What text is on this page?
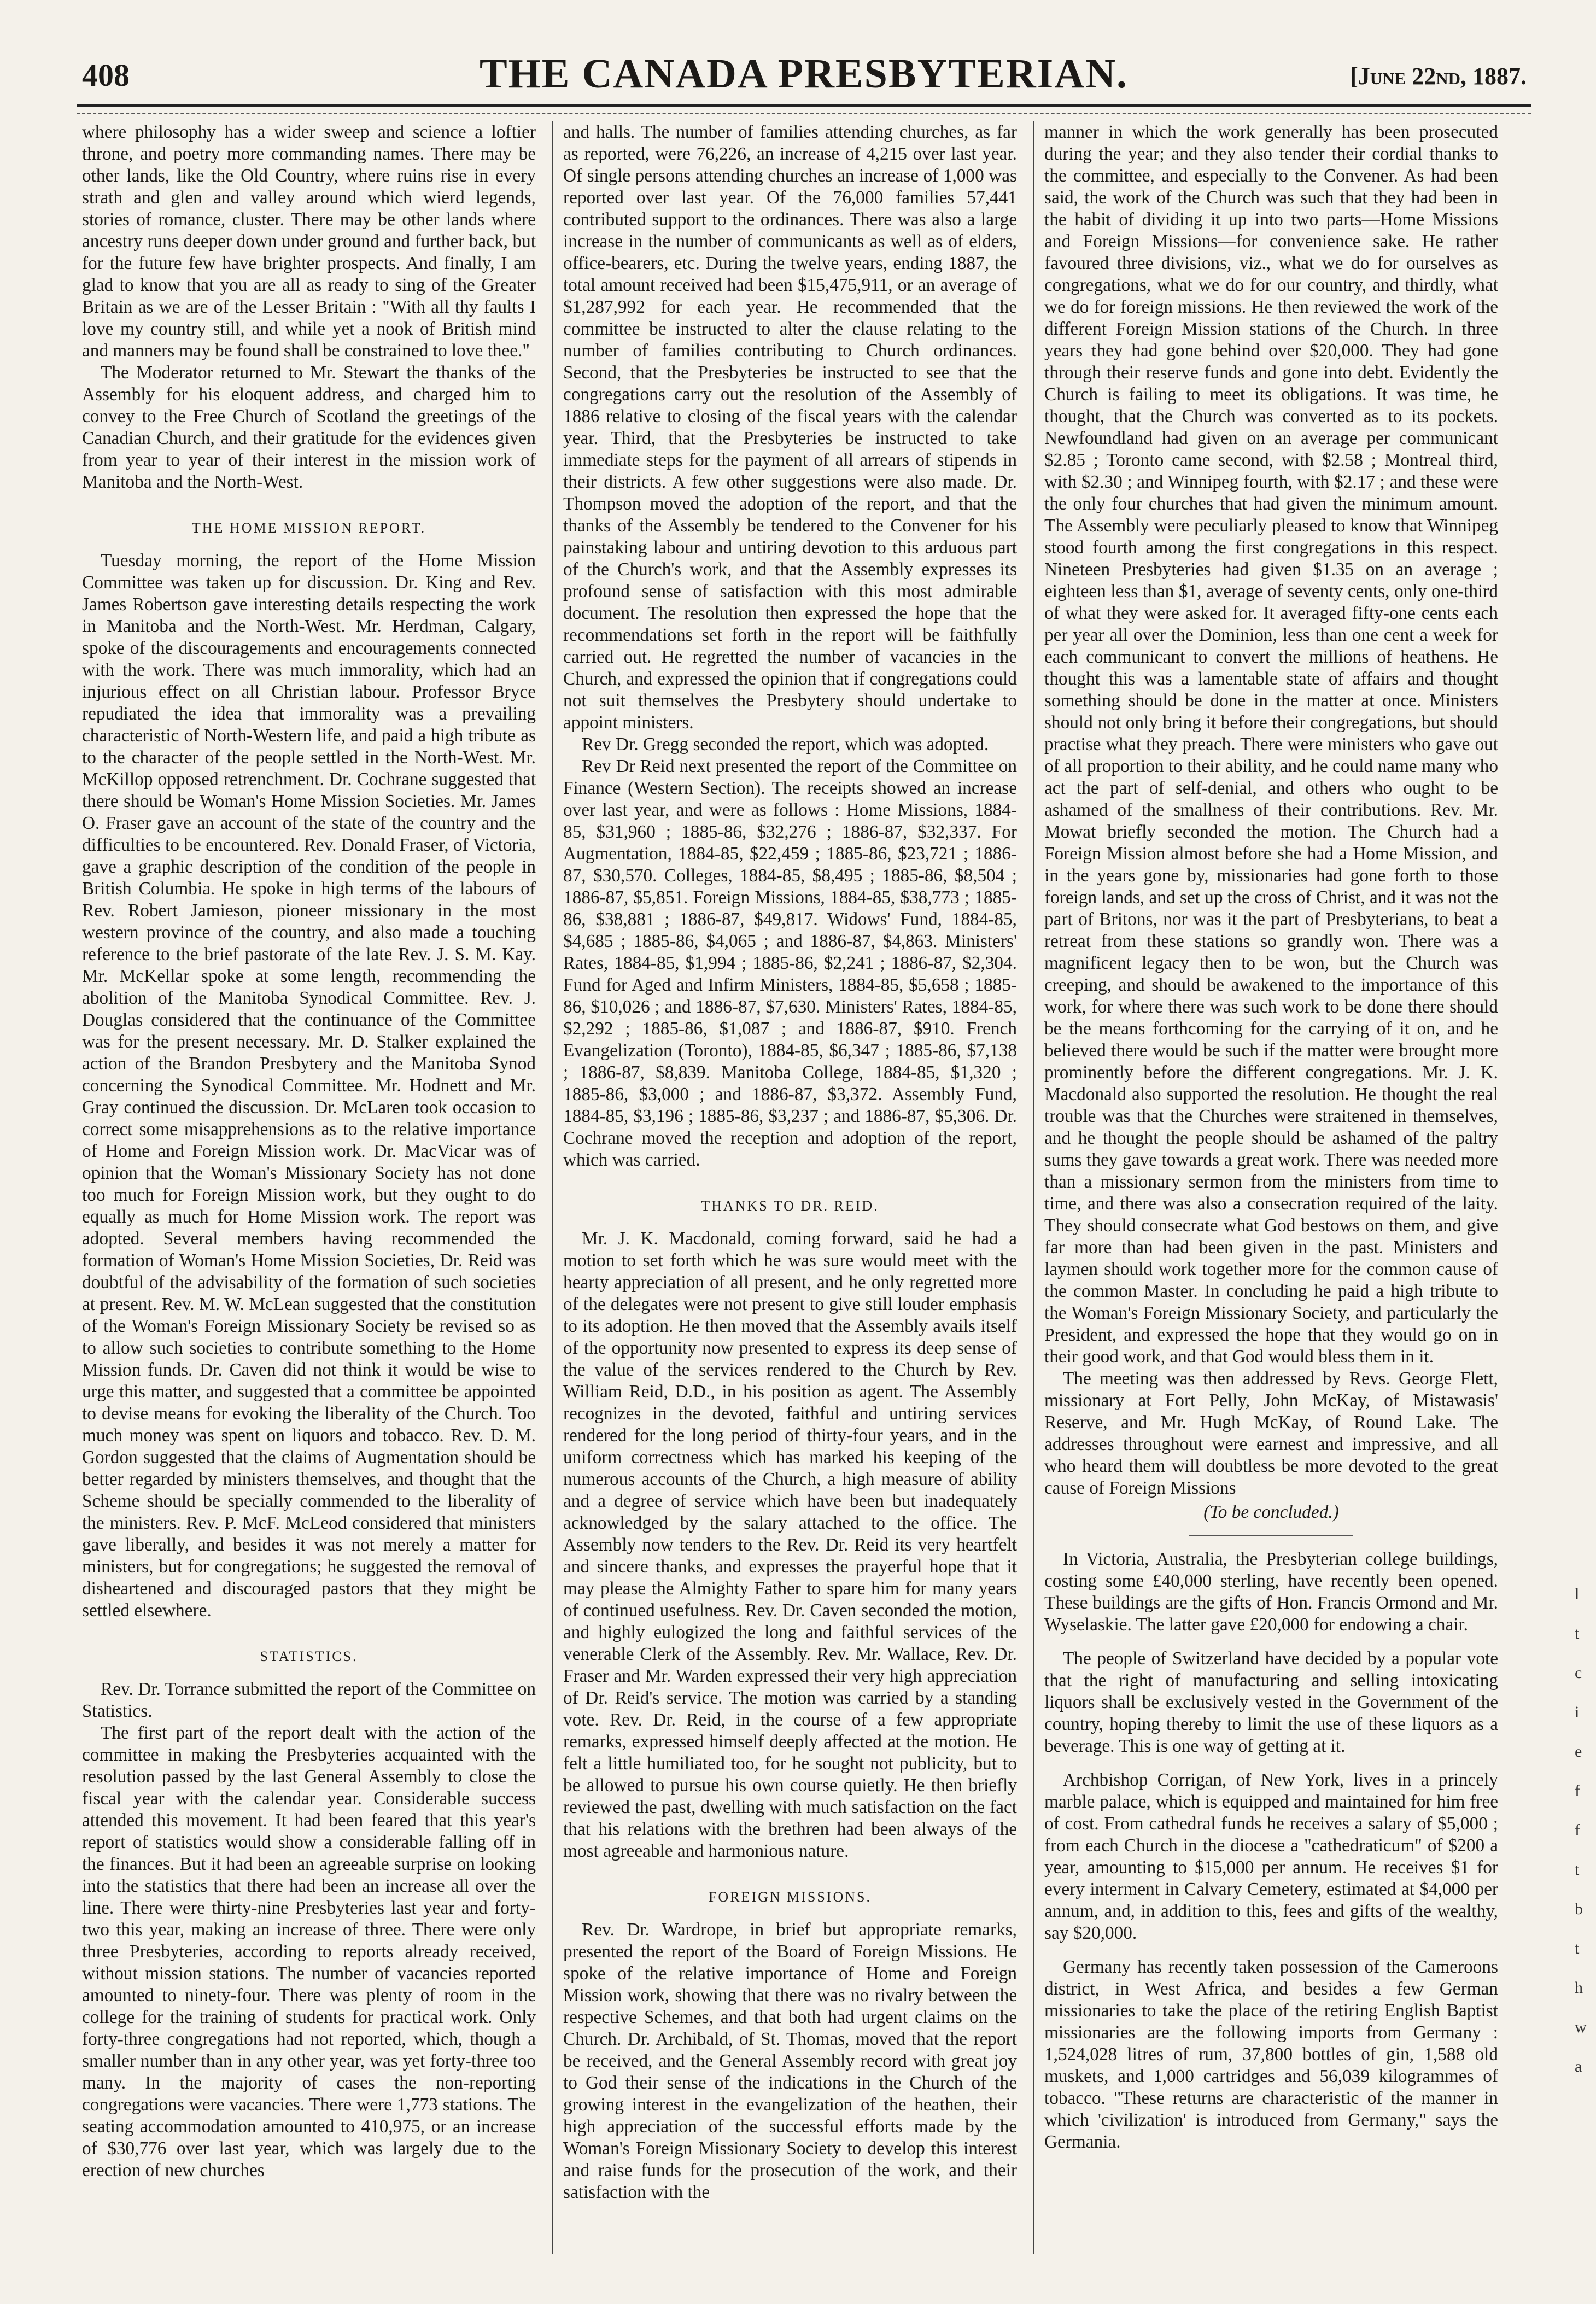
408	THE CANADA PRESBYTERIAN.	[June 22nd, 1887.

where philosophy has a wider sweep and science a loftier throne, and poetry more commanding names. There may be other lands, like the Old Country, where ruins rise in every strath and glen and valley around which wierd legends, stories of romance, cluster. There may be other lands where ancestry runs deeper down under ground and further back, but for the future few have brighter prospects. And finally, I am glad to know that you are all as ready to sing of the Greater Britain as we are of the Lesser Britain : "With all thy faults I love my country still, and while yet a nook of British mind and manners may be found shall be constrained to love thee."

The Moderator returned to Mr. Stewart the thanks of the Assembly for his eloquent address, and charged him to convey to the Free Church of Scotland the greetings of the Canadian Church, and their gratitude for the evidences given from year to year of their interest in the mission work of Manitoba and the North-West.

THE HOME MISSION REPORT.

Tuesday morning, the report of the Home Mission Committee was taken up for discussion. Dr. King and Rev. James Robertson gave interesting details respecting the work in Manitoba and the North-West. Mr. Herdman, Calgary, spoke of the discouragements and encouragements connected with the work. There was much immorality, which had an injurious effect on all Christian labour. Professor Bryce repudiated the idea that immorality was a prevailing characteristic of North-Western life, and paid a high tribute as to the character of the people settled in the North-West. Mr. McKillop opposed retrenchment. Dr. Cochrane suggested that there should be Woman's Home Mission Societies. Mr. James O. Fraser gave an account of the state of the country and the difficulties to be encountered. Rev. Donald Fraser, of Victoria, gave a graphic description of the condition of the people in British Columbia. He spoke in high terms of the labours of Rev. Robert Jamieson, pioneer missionary in the most western province of the country, and also made a touching reference to the brief pastorate of the late Rev. J. S. M. Kay. Mr. McKellar spoke at some length, recommending the abolition of the Manitoba Synodical Committee. Rev. J. Douglas considered that the continuance of the Committee was for the present necessary. Mr. D. Stalker explained the action of the Brandon Presbytery and the Manitoba Synod concerning the Synodical Committee. Mr. Hodnett and Mr. Gray continued the discussion. Dr. McLaren took occasion to correct some misapprehensions as to the relative importance of Home and Foreign Mission work. Dr. MacVicar was of opinion that the Woman's Missionary Society has not done too much for Foreign Mission work, but they ought to do equally as much for Home Mission work. The report was adopted. Several members having recommended the formation of Woman's Home Mission Societies, Dr. Reid was doubtful of the advisability of the formation of such societies at present. Rev. M. W. McLean suggested that the constitution of the Woman's Foreign Missionary Society be revised so as to allow such societies to contribute something to the Home Mission funds. Dr. Caven did not think it would be wise to urge this matter, and suggested that a committee be appointed to devise means for evoking the liberality of the Church. Too much money was spent on liquors and tobacco. Rev. D. M. Gordon suggested that the claims of Augmentation should be better regarded by ministers themselves, and thought that the Scheme should be specially commended to the liberality of the ministers. Rev. P. McF. McLeod considered that ministers gave liberally, and besides it was not merely a matter for ministers, but for congregations; he suggested the removal of disheartened and discouraged pastors that they might be settled elsewhere.

STATISTICS.

Rev. Dr. Torrance submitted the report of the Committee on Statistics.

The first part of the report dealt with the action of the committee in making the Presbyteries acquainted with the resolution passed by the last General Assembly to close the fiscal year with the calendar year. Considerable success attended this movement. It had been feared that this year's report of statistics would show a considerable falling off in the finances. But it had been an agreeable surprise on looking into the statistics that there had been an increase all over the line. There were thirty-nine Presbyteries last year and forty-two this year, making an increase of three. There were only three Presbyteries, according to reports already received, without mission stations. The number of vacancies reported amounted to ninety-four. There was plenty of room in the college for the training of students for practical work. Only forty-three congregations had not reported, which, though a smaller number than in any other year, was yet forty-three too many. In the majority of cases the non-reporting congregations were vacancies. There were 1,773 stations. The seating accommodation amounted to 410,975, or an increase of $30,776 over last year, which was largely due to the erection of new churches

and halls. The number of families attending churches, as far as reported, were 76,226, an increase of 4,215 over last year. Of single persons attending churches an increase of 1,000 was reported over last year. Of the 76,000 families 57,441 contributed support to the ordinances. There was also a large increase in the number of communicants as well as of elders, office-bearers, etc. During the twelve years, ending 1887, the total amount received had been $15,475,911, or an average of $1,287,992 for each year. He recommended that the committee be instructed to alter the clause relating to the number of families contributing to Church ordinances. Second, that the Presbyteries be instructed to see that the congregations carry out the resolution of the Assembly of 1886 relative to closing of the fiscal years with the calendar year. Third, that the Presbyteries be instructed to take immediate steps for the payment of all arrears of stipends in their districts. A few other suggestions were also made. Dr. Thompson moved the adoption of the report, and that the thanks of the Assembly be tendered to the Convener for his painstaking labour and untiring devotion to this arduous part of the Church's work, and that the Assembly expresses its profound sense of satisfaction with this most admirable document. The resolution then expressed the hope that the recommendations set forth in the report will be faithfully carried out. He regretted the number of vacancies in the Church, and expressed the opinion that if congregations could not suit themselves the Presbytery should undertake to appoint ministers.

Rev Dr. Gregg seconded the report, which was adopted.

Rev Dr Reid next presented the report of the Committee on Finance (Western Section). The receipts showed an increase over last year, and were as follows : Home Missions, 1884-85, $31,960 ; 1885-86, $32,276 ; 1886-87, $32,337. For Augmentation, 1884-85, $22,459 ; 1885-86, $23,721 ; 1886-87, $30,570. Colleges, 1884-85, $8,495 ; 1885-86, $8,504 ; 1886-87, $5,851. Foreign Missions, 1884-85, $38,773 ; 1885-86, $38,881 ; 1886-87, $49,817. Widows' Fund, 1884-85, $4,685 ; 1885-86, $4,065 ; and 1886-87, $4,863. Ministers' Rates, 1884-85, $1,994 ; 1885-86, $2,241 ; 1886-87, $2,304. Fund for Aged and Infirm Ministers, 1884-85, $5,658 ; 1885-86, $10,026 ; and 1886-87, $7,630. Ministers' Rates, 1884-85, $2,292 ; 1885-86, $1,087 ; and 1886-87, $910. French Evangelization (Toronto), 1884-85, $6,347 ; 1885-86, $7,138 ; 1886-87, $8,839. Manitoba College, 1884-85, $1,320 ; 1885-86, $3,000 ; and 1886-87, $3,372. Assembly Fund, 1884-85, $3,196 ; 1885-86, $3,237 ; and 1886-87, $5,306. Dr. Cochrane moved the reception and adoption of the report, which was carried.

THANKS TO DR. REID.

Mr. J. K. Macdonald, coming forward, said he had a motion to set forth which he was sure would meet with the hearty appreciation of all present, and he only regretted more of the delegates were not present to give still louder emphasis to its adoption. He then moved that the Assembly avails itself of the opportunity now presented to express its deep sense of the value of the services rendered to the Church by Rev. William Reid, D.D., in his position as agent. The Assembly recognizes in the devoted, faithful and untiring services rendered for the long period of thirty-four years, and in the uniform correctness which has marked his keeping of the numerous accounts of the Church, a high measure of ability and a degree of service which have been but inadequately acknowledged by the salary attached to the office. The Assembly now tenders to the Rev. Dr. Reid its very heartfelt and sincere thanks, and expresses the prayerful hope that it may please the Almighty Father to spare him for many years of continued usefulness. Rev. Dr. Caven seconded the motion, and highly eulogized the long and faithful services of the venerable Clerk of the Assembly. Rev. Mr. Wallace, Rev. Dr. Fraser and Mr. Warden expressed their very high appreciation of Dr. Reid's service. The motion was carried by a standing vote. Rev. Dr. Reid, in the course of a few appropriate remarks, expressed himself deeply affected at the motion. He felt a little humiliated too, for he sought not publicity, but to be allowed to pursue his own course quietly. He then briefly reviewed the past, dwelling with much satisfaction on the fact that his relations with the brethren had been always of the most agreeable and harmonious nature.

FOREIGN MISSIONS.

Rev. Dr. Wardrope, in brief but appropriate remarks, presented the report of the Board of Foreign Missions. He spoke of the relative importance of Home and Foreign Mission work, showing that there was no rivalry between the respective Schemes, and that both had urgent claims on the Church. Dr. Archibald, of St. Thomas, moved that the report be received, and the General Assembly record with great joy to God their sense of the indications in the Church of the growing interest in the evangelization of the heathen, their high appreciation of the successful efforts made by the Woman's Foreign Missionary Society to develop this interest and raise funds for the prosecution of the work, and their satisfaction with the

manner in which the work generally has been prosecuted during the year; and they also tender their cordial thanks to the committee, and especially to the Convener. As had been said, the work of the Church was such that they had been in the habit of dividing it up into two parts—Home Missions and Foreign Missions—for convenience sake. He rather favoured three divisions, viz., what we do for ourselves as congregations, what we do for our country, and thirdly, what we do for foreign missions. He then reviewed the work of the different Foreign Mission stations of the Church. In three years they had gone behind over $20,000. They had gone through their reserve funds and gone into debt. Evidently the Church is failing to meet its obligations. It was time, he thought, that the Church was converted as to its pockets. Newfoundland had given on an average per communicant $2.85 ; Toronto came second, with $2.58 ; Montreal third, with $2.30 ; and Winnipeg fourth, with $2.17 ; and these were the only four churches that had given the minimum amount. The Assembly were peculiarly pleased to know that Winnipeg stood fourth among the first congregations in this respect. Nineteen Presbyteries had given $1.35 on an average ; eighteen less than $1, average of seventy cents, only one-third of what they were asked for. It averaged fifty-one cents each per year all over the Dominion, less than one cent a week for each communicant to convert the millions of heathens. He thought this was a lamentable state of affairs and thought something should be done in the matter at once. Ministers should not only bring it before their congregations, but should practise what they preach. There were ministers who gave out of all proportion to their ability, and he could name many who act the part of self-denial, and others who ought to be ashamed of the smallness of their contributions. Rev. Mr. Mowat briefly seconded the motion. The Church had a Foreign Mission almost before she had a Home Mission, and in the years gone by, missionaries had gone forth to those foreign lands, and set up the cross of Christ, and it was not the part of Britons, nor was it the part of Presbyterians, to beat a retreat from these stations so grandly won. There was a magnificent legacy then to be won, but the Church was creeping, and should be awakened to the importance of this work, for where there was such work to be done there should be the means forthcoming for the carrying of it on, and he believed there would be such if the matter were brought more prominently before the different congregations. Mr. J. K. Macdonald also supported the resolution. He thought the real trouble was that the Churches were straitened in themselves, and he thought the people should be ashamed of the paltry sums they gave towards a great work. There was needed more than a missionary sermon from the ministers from time to time, and there was also a consecration required of the laity. They should consecrate what God bestows on them, and give far more than had been given in the past. Ministers and laymen should work together more for the common cause of the common Master. In concluding he paid a high tribute to the Woman's Foreign Missionary Society, and particularly the President, and expressed the hope that they would go on in their good work, and that God would bless them in it.

The meeting was then addressed by Revs. George Flett, missionary at Fort Pelly, John McKay, of Mistawasis' Reserve, and Mr. Hugh McKay, of Round Lake. The addresses throughout were earnest and impressive, and all who heard them will doubtless be more devoted to the great cause of Foreign Missions

(To be concluded.)

In Victoria, Australia, the Presbyterian college buildings, costing some £40,000 sterling, have recently been opened. These buildings are the gifts of Hon. Francis Ormond and Mr. Wyselaskie. The latter gave £20,000 for endowing a chair.

The people of Switzerland have decided by a popular vote that the right of manufacturing and selling intoxicating liquors shall be exclusively vested in the Government of the country, hoping thereby to limit the use of these liquors as a beverage. This is one way of getting at it.

Archbishop Corrigan, of New York, lives in a princely marble palace, which is equipped and maintained for him free of cost. From cathedral funds he receives a salary of $5,000 ; from each Church in the diocese a "cathedraticum" of $200 a year, amounting to $15,000 per annum. He receives $1 for every interment in Calvary Cemetery, estimated at $4,000 per annum, and, in addition to this, fees and gifts of the wealthy, say $20,000.

Germany has recently taken possession of the Cameroons district, in West Africa, and besides a few German missionaries to take the place of the retiring English Baptist missionaries are the following imports from Germany : 1,524,028 litres of rum, 37,800 bottles of gin, 1,588 old muskets, and 1,000 cartridges and 56,039 kilogrammes of tobacco. "These returns are characteristic of the manner in which 'civilization' is introduced from Germany," says the Germania.

l
t
c
i
e
f
f
t
b
t
h
w
a
